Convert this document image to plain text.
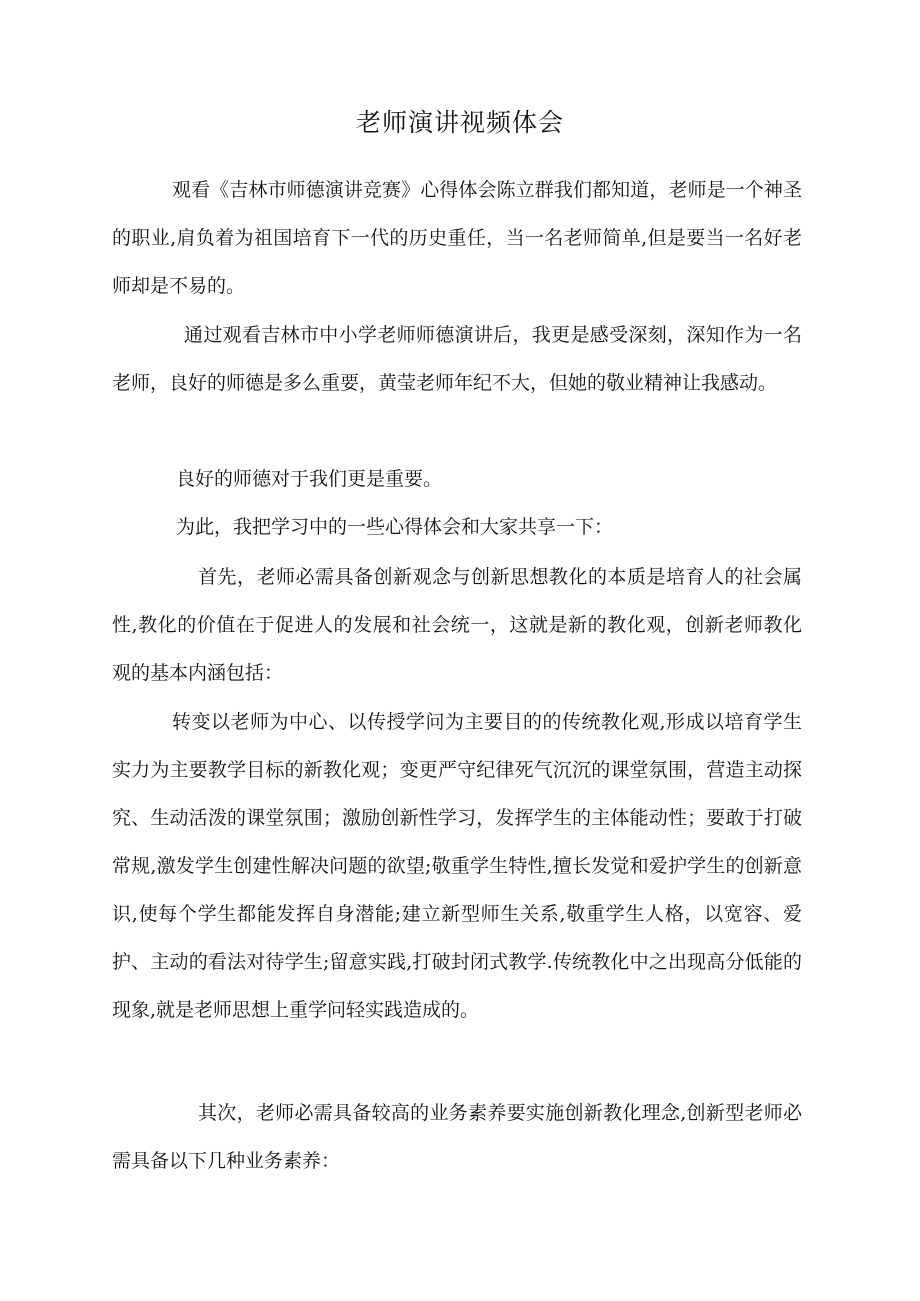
老师演讲视频体会

观看《吉林市师德演讲竞赛》心得体会陈立群我们都知道，老师是一个神圣的职业,肩负着为祖国培育下一代的历史重任，当一名老师简单,但是要当一名好老师却是不易的。

通过观看吉林市中小学老师师德演讲后，我更是感受深刻，深知作为一名老师，良好的师德是多么重要，黄莹老师年纪不大，但她的敬业精神让我感动。

良好的师德对于我们更是重要。

为此，我把学习中的一些心得体会和大家共享一下：

首先，老师必需具备创新观念与创新思想教化的本质是培育人的社会属性,教化的价值在于促进人的发展和社会统一，这就是新的教化观，创新老师教化观的基本内涵包括：

转变以老师为中心、以传授学问为主要目的的传统教化观,形成以培育学生实力为主要教学目标的新教化观；变更严守纪律死气沉沉的课堂氛围，营造主动探究、生动活泼的课堂氛围；激励创新性学习，发挥学生的主体能动性；要敢于打破常规,激发学生创建性解决问题的欲望;敬重学生特性,擅长发觉和爱护学生的创新意识,使每个学生都能发挥自身潜能;建立新型师生关系,敬重学生人格，以宽容、爱护、主动的看法对待学生;留意实践,打破封闭式教学.传统教化中之出现高分低能的现象,就是老师思想上重学问轻实践造成的。

其次，老师必需具备较高的业务素养要实施创新教化理念,创新型老师必需具备以下几种业务素养：
